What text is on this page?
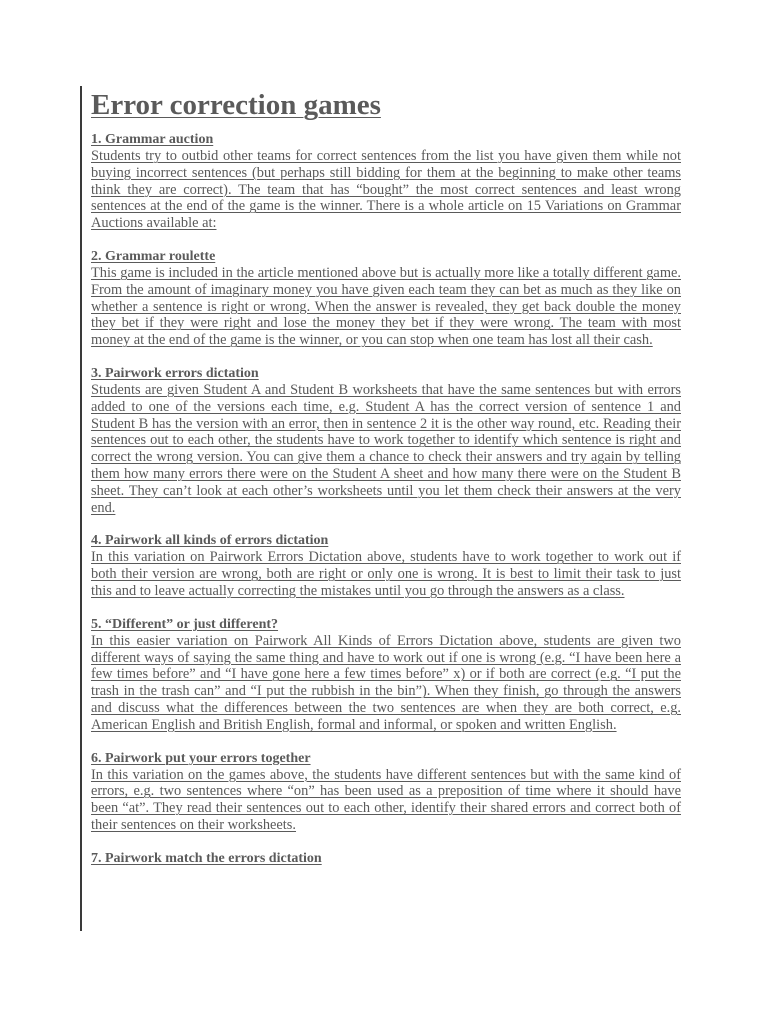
Error correction games
1. Grammar auction

Students try to outbid other teams for correct sentences from the list you have given them while not buying incorrect sentences (but perhaps still bidding for them at the beginning to make other teams think they are correct). The team that has “bought” the most correct sentences and least wrong sentences at the end of the game is the winner. There is a whole article on 15 Variations on Grammar Auctions available at:

2. Grammar roulette

This game is included in the article mentioned above but is actually more like a totally different game. From the amount of imaginary money you have given each team they can bet as much as they like on whether a sentence is right or wrong. When the answer is revealed, they get back double the money they bet if they were right and lose the money they bet if they were wrong. The team with most money at the end of the game is the winner, or you can stop when one team has lost all their cash.

3. Pairwork errors dictation

Students are given Student A and Student B worksheets that have the same sentences but with errors added to one of the versions each time, e.g. Student A has the correct version of sentence 1 and Student B has the version with an error, then in sentence 2 it is the other way round, etc. Reading their sentences out to each other, the students have to work together to identify which sentence is right and correct the wrong version. You can give them a chance to check their answers and try again by telling them how many errors there were on the Student A sheet and how many there were on the Student B sheet. They can’t look at each other’s worksheets until you let them check their answers at the very end.

4. Pairwork all kinds of errors dictation

In this variation on Pairwork Errors Dictation above, students have to work together to work out if both their version are wrong, both are right or only one is wrong. It is best to limit their task to just this and to leave actually correcting the mistakes until you go through the answers as a class.

5. “Different” or just different?

In this easier variation on Pairwork All Kinds of Errors Dictation above, students are given two different ways of saying the same thing and have to work out if one is wrong (e.g. “I have been here a few times before” and “I have gone here a few times before” x) or if both are correct (e.g. “I put the trash in the trash can” and “I put the rubbish in the bin”). When they finish, go through the answers and discuss what the differences between the two sentences are when they are both correct, e.g. American English and British English, formal and informal, or spoken and written English.

6. Pairwork put your errors together

In this variation on the games above, the students have different sentences but with the same kind of errors, e.g. two sentences where “on” has been used as a preposition of time where it should have been “at”. They read their sentences out to each other, identify their shared errors and correct both of their sentences on their worksheets.

7. Pairwork match the errors dictation
